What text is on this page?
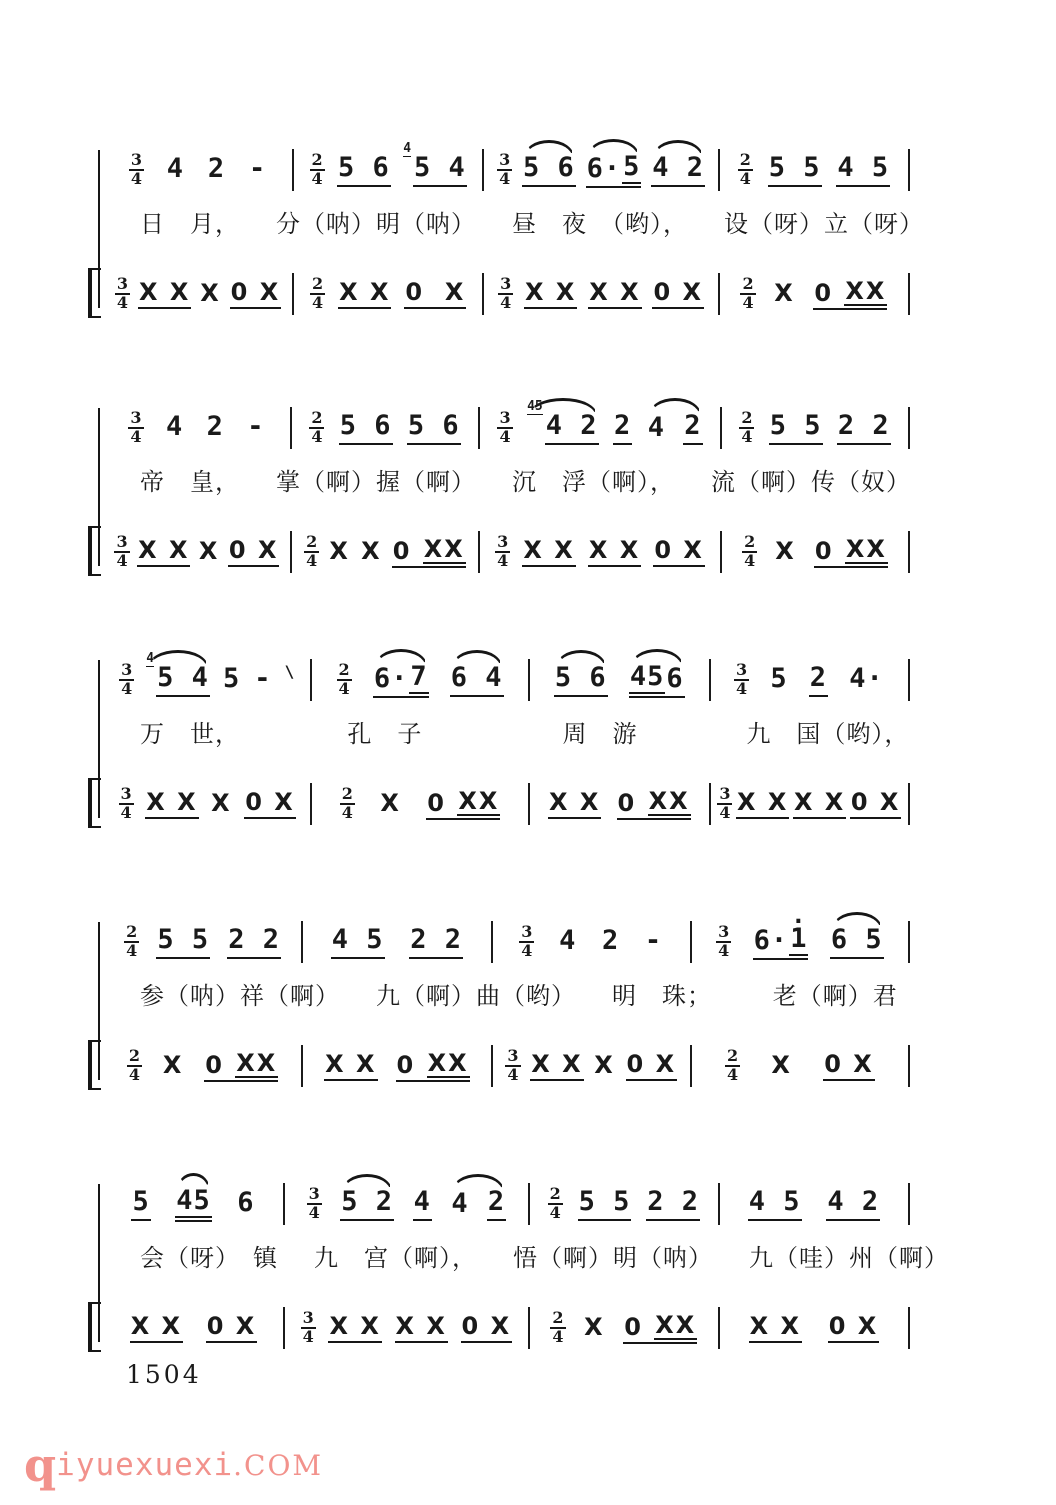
$\frac{3}{4} 4$ 2 -	$\frac{2}{4} 5$ 6
$^4$
5 $4 \frac{3}{4} 5$ 6 6· 5 4 $2 \frac{2}{4} 5$ 5 4 5
日　月，	分（呐）明（呐）	昼　夜　（哟），	设（呀）立（呀）
$\frac{3}{4}$ X X X 0 X $\frac{2}{4}$ X X 0  X $\frac{3}{4}$ X X X X 0 X $\frac{2}{4}$ X 0 XX
$\frac{3}{4} 4$ 2 -	$\frac{2}{4} 5$ 6 5 $6 \frac{3}{4}$
$^{45}$
4 2 2 4 $2 \frac{2}{4} 5$ 5 2 2
帝　皇，	掌（啊）握（啊）	沉　浮（啊），	流（啊）传（奴）
$\frac{3}{4}$ X X X 0 X $\frac{2}{4}$ X X 0 XX $\frac{3}{4}$ X X X X 0 X $\frac{2}{4}$ X 0 XX
$\frac{3}{4}$
$^4$
5 4 5 - \	$\frac{2}{4} 6\cdot 7$ 6 4 5 6 45 6	$\frac{3}{4} 5$ 2 4·
万　世，	孔　子	周　游	九　国（哟），
$\frac{3}{4}$ X X X 0 X	$\frac{2}{4}$ X 0 XX X X 0 XX $\frac{3}{4}$ X X X X 0 X
$\frac{2}{4} 5$ 5 2 2 4 5 2 2	$\frac{3}{4} 4$ 2 -	$\frac{3}{4} 6\cdot \cdot 1$ 6 5
参（呐）祥（啊）	九（啊）曲（哟）	明　珠；	老（啊）君
$\frac{2}{4}$ X 0 XX X X 0 XX $\frac{3}{4}$ X X X 0 X	$\frac{2}{4}$ X 0 X
5 45 6	$\frac{3}{4} 5$ 2 4 4 2	$\frac{2}{4} 5$ 5 2 2 4 5 4 2
会（呀）　镇	九　宫（啊），	悟（啊）明（呐）	九（哇）州（啊）
X X 0 X	$\frac{3}{4}$ X X X X 0 X $\frac{2}{4}$ X 0 XX X X 0 X
1504
qiyuexuexi.COM
